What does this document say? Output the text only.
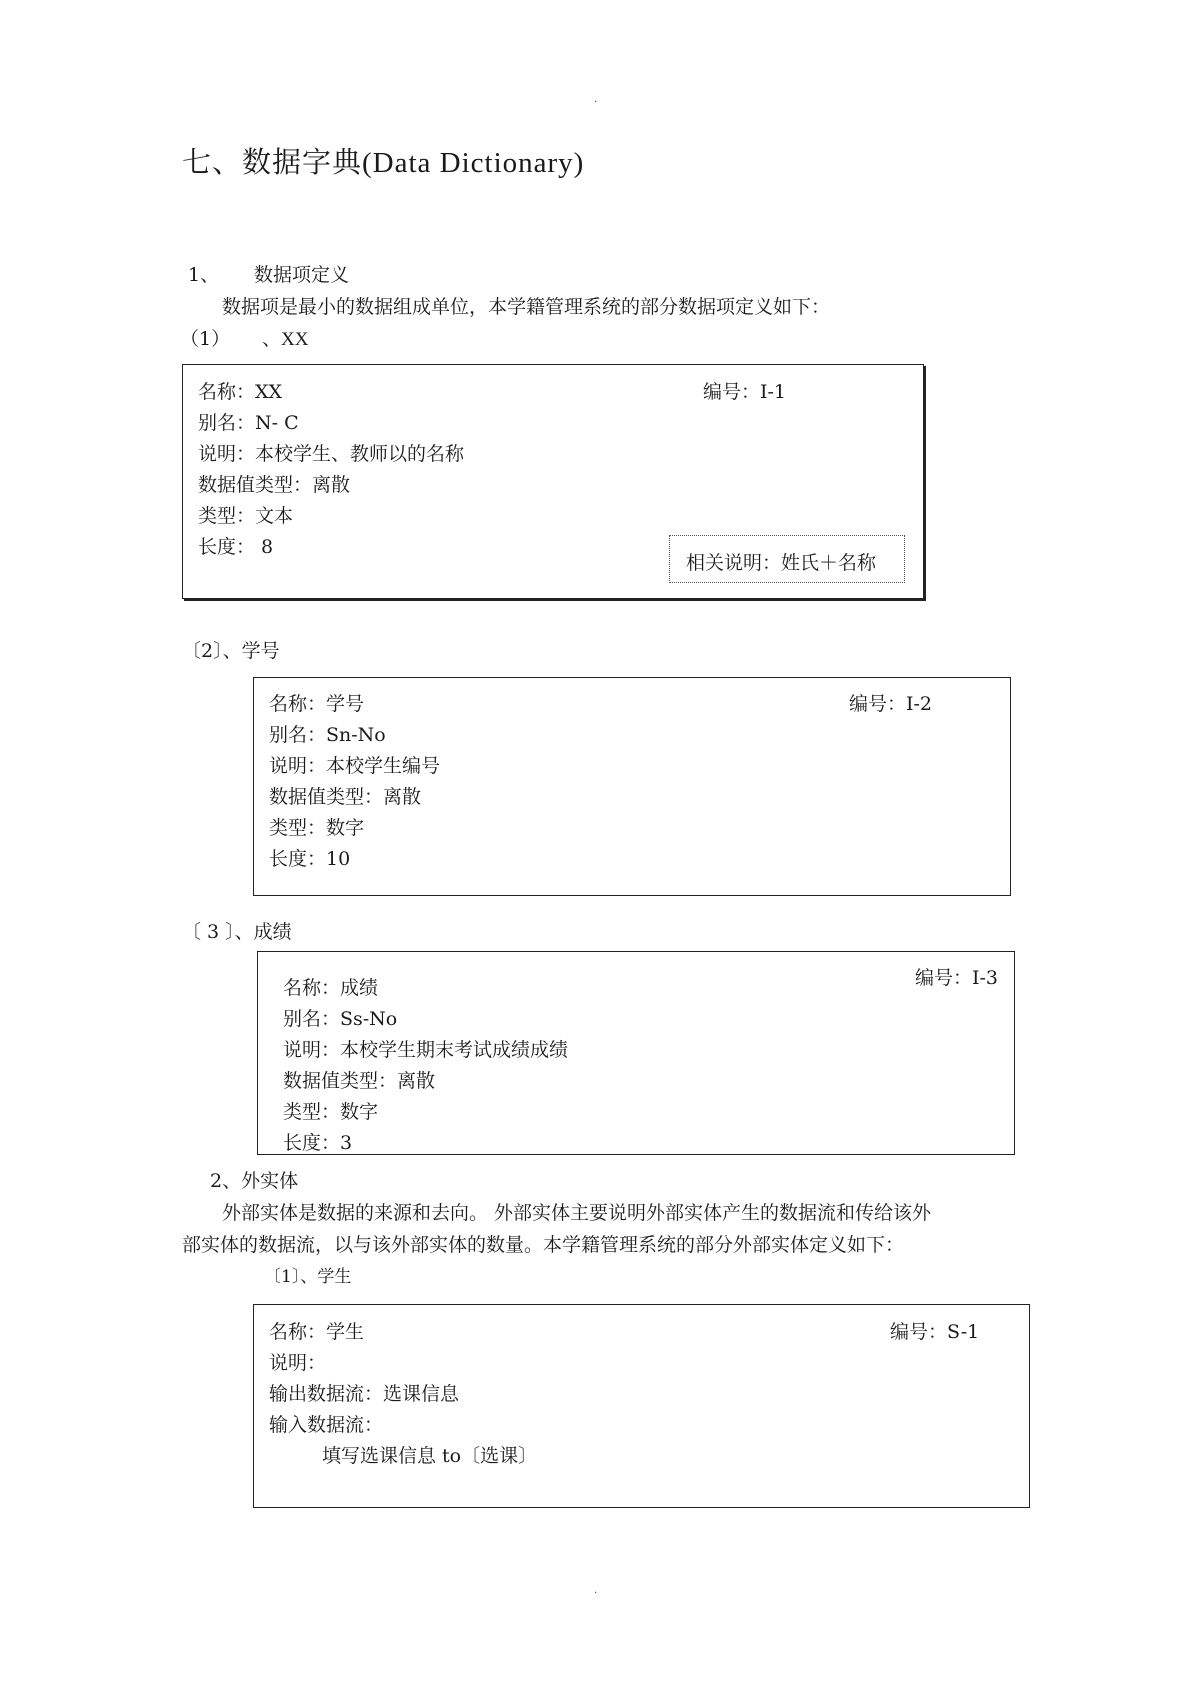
.
.
七、数据字典(Data Dictionary)
1、 数据项定义
数据项是最小的数据组成单位，本学籍管理系统的部分数据项定义如下：
（1） 、XX
名称：XX	编号：I-1
别名：N- C
说明：本校学生、教师以的名称
数据值类型：离散
类型：文本
长度： 8
相关说明：姓氏＋名称
〔2〕、学号
名称：学号	编号：I-2
别名：Sn-No
说明：本校学生编号
数据值类型：离散
类型：数字
长度：10
〔 3 〕、成绩
编号：I-3
名称：成绩
别名：Ss-No
说明：本校学生期末考试成绩成绩
数据值类型：离散
类型：数字
长度：3
2、外实体
外部实体是数据的来源和去向。 外部实体主要说明外部实体产生的数据流和传给该外
部实体的数据流，以与该外部实体的数量。本学籍管理系统的部分外部实体定义如下：
〔1〕、学生
名称：学生	编号：S-1
说明：
输出数据流：选课信息
输入数据流：
填写选课信息 to〔选课〕
